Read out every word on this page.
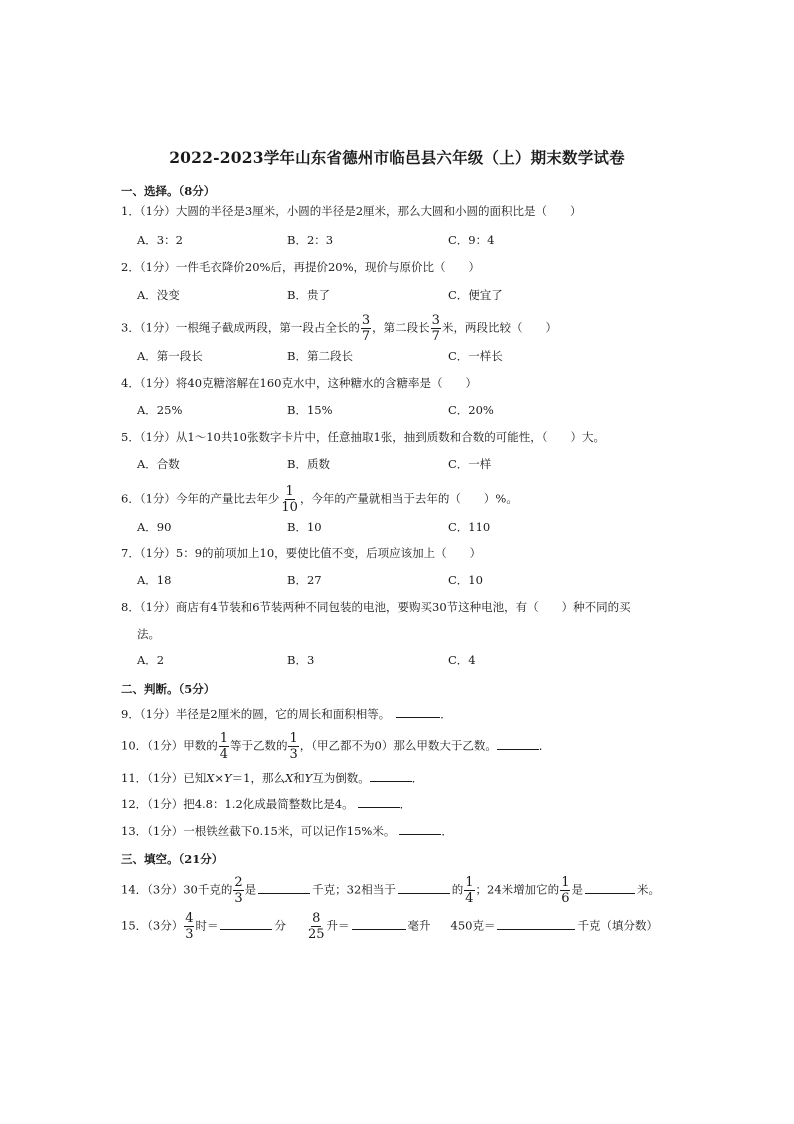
2022-2023学年山东省德州市临邑县六年级（上）期末数学试卷
一、选择。（8分）
1．（1分）大圆的半径是3厘米，小圆的半径是2厘米，那么大圆和小圆的面积比是（　　）
A．3：2	B．2：3	C．9：4
2．（1分）一件毛衣降价20%后，再提价20%，现价与原价比（　　）
A．没变	B．贵了	C．便宜了
3．（1分）一根绳子截成两段，第一段占全长的 $\frac{3}{7}$ ，第二段长 $\frac{3}{7}$ 米，两段比较（　　）
A．第一段长	B．第二段长	C．一样长
4．（1分）将40克糖溶解在160克水中，这种糖水的含糖率是（　　）
A．25%	B．15%	C．20%
5．（1分）从1～10共10张数字卡片中，任意抽取1张，抽到质数和合数的可能性，（　　）大。
A．合数	B．质数	C．一样
6．（1分）今年的产量比去年少 $\frac{1}{10}$ ，今年的产量就相当于去年的（　　）%。
A．90	B．10	C．110
7．（1分）5：9的前项加上10，要使比值不变，后项应该加上（　　）
A．18	B．27	C．10
8．（1分）商店有4节装和6节装两种不同包装的电池，要购买30节这种电池，有（　　）种不同的买
法。
A．2	B．3	C．4
二、判断。（5分）
9．（1分）半径是2厘米的圆，它的周长和面积相等。	．
10．（1分）甲数的 $\frac{1}{4}$ 等于乙数的 $\frac{1}{3}$ ，（甲乙都不为0）那么甲数大于乙数。	．
11．（1分）已知X×Y＝1，那么X和Y互为倒数。	．
12．（1分）把4.8：1.2化成最简整数比是4。	．
13．（1分）一根铁丝截下0.15米，可以记作15%米。	．
三、填空。（21分）
14．（3分）30千克的 $\frac{2}{3}$ 是	千克；32相当于	的 $\frac{1}{4}$ ；24米增加它的 $\frac{1}{6}$ 是	米。
15．（3分） $\frac{4}{3}$ 时＝	分 $\frac{8}{25}$ 升＝	毫升 450克＝	千克（填分数）
